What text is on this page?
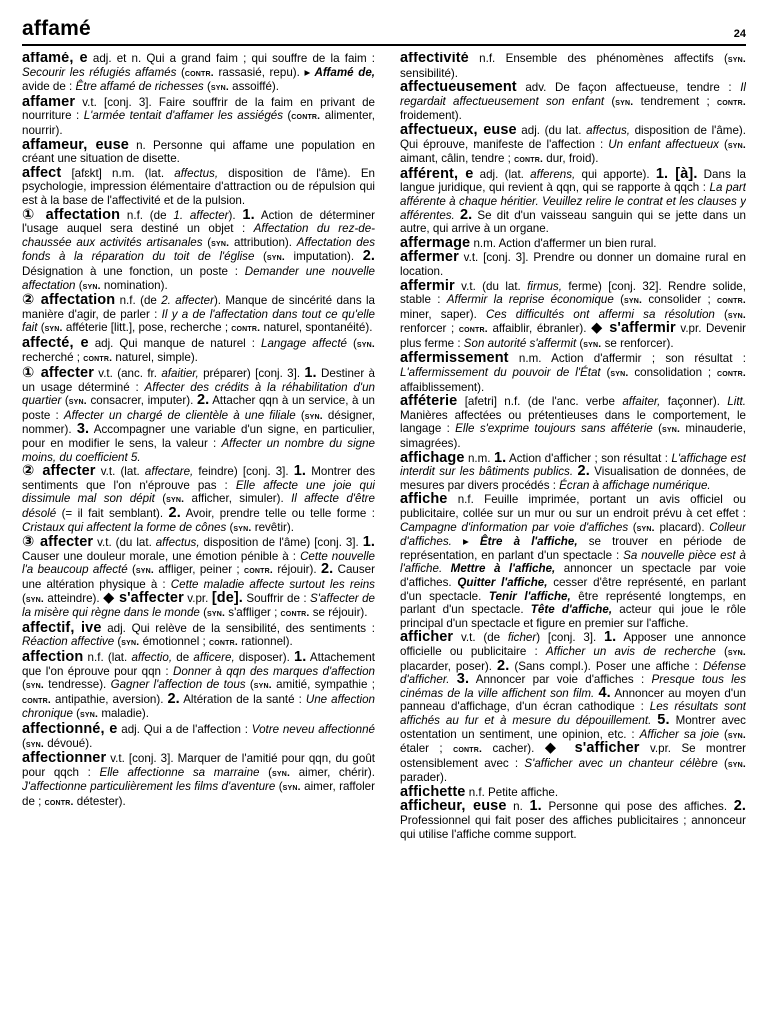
affamé	24

affamé, e adj. et n. Qui a grand faim ; qui souffre de la faim : Secourir les réfugiés affamés (contr. rassasié, repu). ▸ Affamé de, avide de : Être affamé de richesses (syn. assoiffé).

affamer v.t. [conj. 3]. Faire souffrir de la faim en privant de nourriture : L'armée tentait d'affamer les assiégés (contr. alimenter, nourrir).

affameur, euse n. Personne qui affame une population en créant une situation de disette.

affect [afɛkt] n.m. (lat. affectus, disposition de l'âme). En psychologie, impression élémentaire d'attraction ou de répulsion qui est à la base de l'affectivité et de la pulsion.

① affectation n.f. (de 1. affecter). 1. Action de déterminer l'usage auquel sera destiné un objet : Affectation du rez-de-chaussée aux activités artisanales (syn. attribution). Affectation des fonds à la réparation du toit de l'église (syn. imputation). 2. Désignation à une fonction, un poste : Demander une nouvelle affectation (syn. nomination).

② affectation n.f. (de 2. affecter). Manque de sincérité dans la manière d'agir, de parler : Il y a de l'affectation dans tout ce qu'elle fait (syn. afféterie [litt.], pose, recherche ; contr. naturel, spontanéité).

affecté, e adj. Qui manque de naturel : Langage affecté (syn. recherché ; contr. naturel, simple).

① affecter v.t. (anc. fr. afaitier, préparer) [conj. 3]. 1. Destiner à un usage déterminé : Affecter des crédits à la réhabilitation d'un quartier (syn. consacrer, imputer). 2. Attacher qqn à un service, à un poste : Affecter un chargé de clientèle à une filiale (syn. désigner, nommer). 3. Accompagner une variable d'un signe, en particulier, pour en modifier le sens, la valeur : Affecter un nombre du signe moins, du coefficient 5.

② affecter v.t. (lat. affectare, feindre) [conj. 3]. 1. Montrer des sentiments que l'on n'éprouve pas : Elle affecte une joie qui dissimule mal son dépit (syn. afficher, simuler). Il affecte d'être désolé (= il fait semblant). 2. Avoir, prendre telle ou telle forme : Cristaux qui affectent la forme de cônes (syn. revêtir).

③ affecter v.t. (du lat. affectus, disposition de l'âme) [conj. 3]. 1. Causer une douleur morale, une émotion pénible à : Cette nouvelle l'a beaucoup affecté (syn. affliger, peiner ; contr. réjouir). 2. Causer une altération physique à : Cette maladie affecte surtout les reins (syn. atteindre). ◆ s'affecter v.pr. [de]. Souffrir de : S'affecter de la misère qui règne dans le monde (syn. s'affliger ; contr. se réjouir).

affectif, ive adj. Qui relève de la sensibilité, des sentiments : Réaction affective (syn. émotionnel ; contr. rationnel).

affection n.f. (lat. affectio, de afficere, disposer). 1. Attachement que l'on éprouve pour qqn : Donner à qqn des marques d'affection (syn. tendresse). Gagner l'affection de tous (syn. amitié, sympathie ; contr. antipathie, aversion). 2. Altération de la santé : Une affection chronique (syn. maladie).

affectionné, e adj. Qui a de l'affection : Votre neveu affectionné (syn. dévoué).

affectionner v.t. [conj. 3]. Marquer de l'amitié pour qqn, du goût pour qqch : Elle affectionne sa marraine (syn. aimer, chérir). J'affectionne particulièrement les films d'aventure (syn. aimer, raffoler de ; contr. détester).

affectivité n.f. Ensemble des phénomènes affectifs (syn. sensibilité).

affectueusement adv. De façon affectueuse, tendre : Il regardait affectueusement son enfant (syn. tendrement ; contr. froidement).

affectueux, euse adj. (du lat. affectus, disposition de l'âme). Qui éprouve, manifeste de l'affection : Un enfant affectueux (syn. aimant, câlin, tendre ; contr. dur, froid).

afférent, e adj. (lat. afferens, qui apporte). 1. [à]. Dans la langue juridique, qui revient à qqn, qui se rapporte à qqch : La part afférente à chaque héritier. Veuillez relire le contrat et les clauses y afférentes. 2. Se dit d'un vaisseau sanguin qui se jette dans un autre, qui arrive à un organe.

affermage n.m. Action d'affermer un bien rural.

affermer v.t. [conj. 3]. Prendre ou donner un domaine rural en location.

affermir v.t. (du lat. firmus, ferme) [conj. 32]. Rendre solide, stable : Affermir la reprise économique (syn. consolider ; contr. miner, saper). Ces difficultés ont affermi sa résolution (syn. renforcer ; contr. affaiblir, ébranler). ◆ s'affermir v.pr. Devenir plus ferme : Son autorité s'affermit (syn. se renforcer).

affermissement n.m. Action d'affermir ; son résultat : L'affermissement du pouvoir de l'État (syn. consolidation ; contr. affaiblissement).

afféterie [afetri] n.f. (de l'anc. verbe affaiter, façonner). Litt. Manières affectées ou prétentieuses dans le comportement, le langage : Elle s'exprime toujours sans afféterie (syn. minauderie, simagrées).

affichage n.m. 1. Action d'afficher ; son résultat : L'affichage est interdit sur les bâtiments publics. 2. Visualisation de données, de mesures par divers procédés : Écran à affichage numérique.

affiche n.f. Feuille imprimée, portant un avis officiel ou publicitaire, collée sur un mur ou sur un endroit prévu à cet effet : Campagne d'information par voie d'affiches (syn. placard). Colleur d'affiches. ▸ Être à l'affiche, se trouver en période de représentation, en parlant d'un spectacle : Sa nouvelle pièce est à l'affiche. Mettre à l'affiche, annoncer un spectacle par voie d'affiches. Quitter l'affiche, cesser d'être représenté, en parlant d'un spectacle. Tenir l'affiche, être représenté longtemps, en parlant d'un spectacle. Tête d'affiche, acteur qui joue le rôle principal d'un spectacle et figure en premier sur l'affiche.

afficher v.t. (de ficher) [conj. 3]. 1. Apposer une annonce officielle ou publicitaire : Afficher un avis de recherche (syn. placarder, poser). 2. (Sans compl.). Poser une affiche : Défense d'afficher. 3. Annoncer par voie d'affiches : Presque tous les cinémas de la ville affichent son film. 4. Annoncer au moyen d'un panneau d'affichage, d'un écran cathodique : Les résultats sont affichés au fur et à mesure du dépouillement. 5. Montrer avec ostentation un sentiment, une opinion, etc. : Afficher sa joie (syn. étaler ; contr. cacher). ◆ s'afficher v.pr. Se montrer ostensiblement avec : S'afficher avec un chanteur célèbre (syn. parader).

affichette n.f. Petite affiche.

afficheur, euse n. 1. Personne qui pose des affiches. 2. Professionnel qui fait poser des affiches publicitaires ; annonceur qui utilise l'affiche comme support.
